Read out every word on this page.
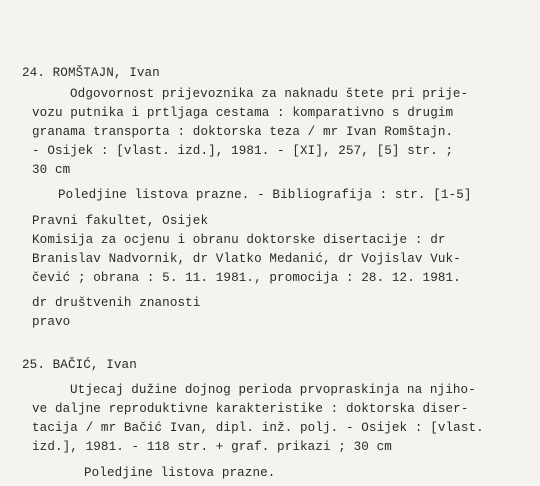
24. ROMŠTAJN, Ivan
Odgovornost prijevoznika za naknadu štete pri prije-
vozu putnika i prtljaga cestama : komparativno s drugim
granama transporta : doktorska teza / mr Ivan Romštajn.
- Osijek : [vlast. izd.], 1981. - [XI], 257, [5] str. ;
30 cm
Poledjine listova prazne. - Bibliografija : str. [1-5]
Pravni fakultet, Osijek
Komisija za ocjenu i obranu doktorske disertacije : dr
Branislav Nadvornik, dr Vlatko Medanić, dr Vojislav Vuk-
čević ; obrana : 5. 11. 1981., promocija : 28. 12. 1981.
dr društvenih znanosti
pravo
25. BAČIĆ, Ivan
Utjecaj dužine dojnog perioda prvopraskinja na njiho-
ve daljne reproduktivne karakteristike : doktorska diser-
tacija / mr Bačić Ivan, dipl. inž. polj. - Osijek : [vlast.
izd.], 1981. - 118 str. + graf. prikazi ; 30 cm
Poledjine listova prazne.
